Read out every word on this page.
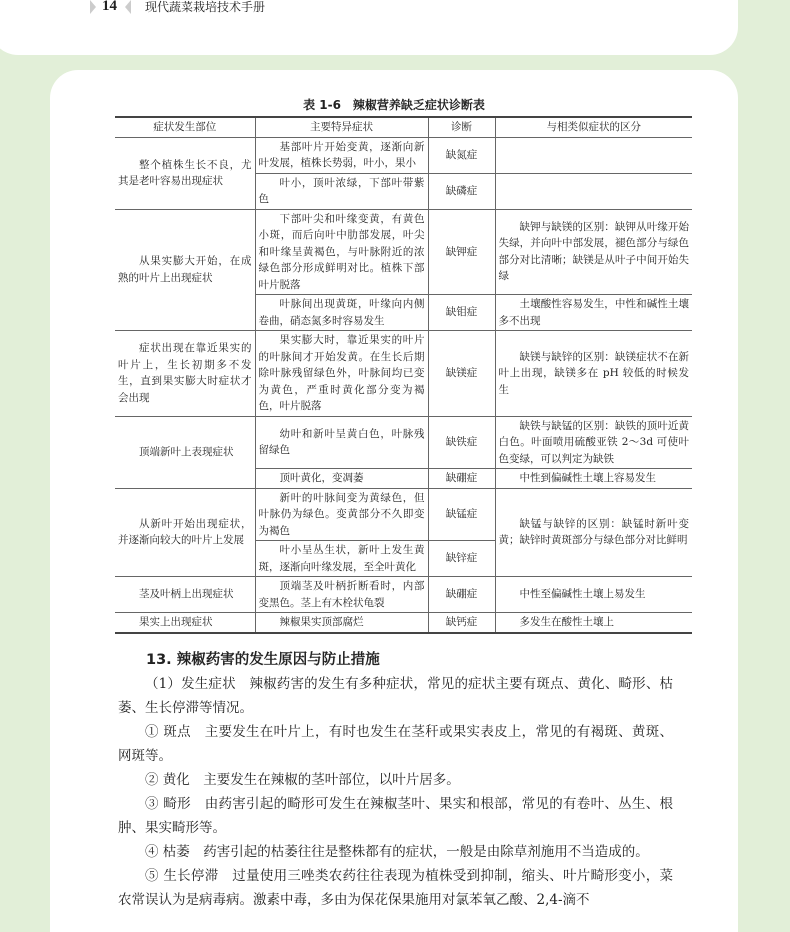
14 现代蔬菜栽培技术手册
表 1-6　辣椒营养缺乏症状诊断表
症状发生部位	主要特异症状	诊断	与相类似症状的区分
整个植株生长不良，尤其是老叶容易出现症状	基部叶片开始变黄，逐渐向新叶发展，植株长势弱，叶小，果小	缺氮症	
	叶小，顶叶浓绿，下部叶带紫色	缺磷症	
从果实膨大开始，在成熟的叶片上出现症状	下部叶尖和叶缘变黄，有黄色小斑，而后向叶中肋部发展，叶尖和叶缘呈黄褐色，与叶脉附近的浓绿色部分形成鲜明对比。植株下部叶片脱落	缺钾症	缺钾与缺镁的区别：缺钾从叶缘开始失绿，并向叶中部发展，褪色部分与绿色部分对比清晰；缺镁是从叶子中间开始失绿
	叶脉间出现黄斑，叶缘向内侧卷曲，硝态氮多时容易发生	缺钼症	土壤酸性容易发生，中性和碱性土壤多不出现
症状出现在靠近果实的叶片上，生长初期多不发生，直到果实膨大时症状才会出现	果实膨大时，靠近果实的叶片的叶脉间才开始发黄。在生长后期除叶脉残留绿色外，叶脉间均已变为黄色，严重时黄化部分变为褐色，叶片脱落	缺镁症	缺镁与缺锌的区别：缺镁症状不在新叶上出现，缺镁多在 pH 较低的时候发生
顶端新叶上表现症状	幼叶和新叶呈黄白色，叶脉残留绿色	缺铁症	缺铁与缺锰的区别：缺铁的顶叶近黄白色。叶面喷用硫酸亚铁 2～3d 可使叶色变绿，可以判定为缺铁
	顶叶黄化，变凋萎	缺硼症	中性到偏碱性土壤上容易发生
从新叶开始出现症状，并逐渐向较大的叶片上发展	新叶的叶脉间变为黄绿色，但叶脉仍为绿色。变黄部分不久即变为褐色	缺锰症	缺锰与缺锌的区别：缺锰时新叶变黄；缺锌时黄斑部分与绿色部分对比鲜明
	叶小呈丛生状，新叶上发生黄斑，逐渐向叶缘发展，至全叶黄化	缺锌症	
茎及叶柄上出现症状	顶端茎及叶柄折断看时，内部变黑色。茎上有木栓状龟裂	缺硼症	中性至偏碱性土壤上易发生
果实上出现症状	辣椒果实顶部腐烂	缺钙症	多发生在酸性土壤上
13. 辣椒药害的发生原因与防止措施

（1）发生症状　辣椒药害的发生有多种症状，常见的症状主要有斑点、黄化、畸形、枯萎、生长停滞等情况。

① 斑点　主要发生在叶片上，有时也发生在茎秆或果实表皮上，常见的有褐斑、黄斑、网斑等。

② 黄化　主要发生在辣椒的茎叶部位，以叶片居多。

③ 畸形　由药害引起的畸形可发生在辣椒茎叶、果实和根部，常见的有卷叶、丛生、根肿、果实畸形等。

④ 枯萎　药害引起的枯萎往往是整株都有的症状，一般是由除草剂施用不当造成的。

⑤ 生长停滞　过量使用三唑类农药往往表现为植株受到抑制，缩头、叶片畸形变小，菜农常误认为是病毒病。激素中毒，多由为保花保果施用对氯苯氧乙酸、2,4-滴不
